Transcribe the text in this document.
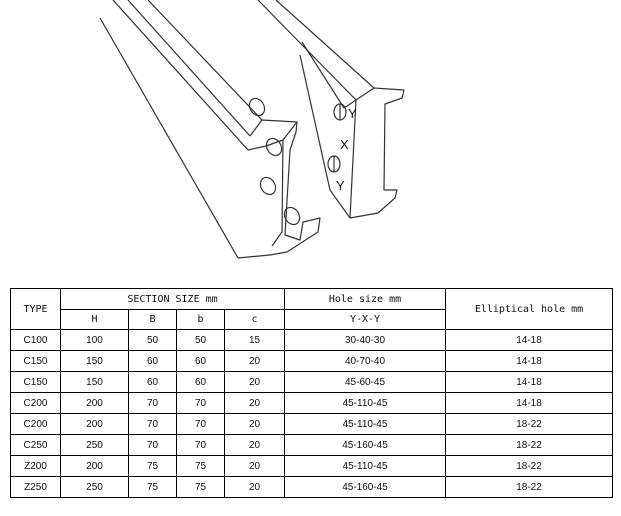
Y
X
Y
TYPE	SECTION SIZE mm				Hole size mm	Elliptical hole mm
	H	B	b	c	Y-X-Y	
C100	100	50	50	15	30-40-30	14-18
C150	150	60	60	20	40-70-40	14-18
C150	150	60	60	20	45-60-45	14-18
C200	200	70	70	20	45-110-45	14-18
C200	200	70	70	20	45-110-45	18-22
C250	250	70	70	20	45-160-45	18-22
Z200	200	75	75	20	45-110-45	18-22
Z250	250	75	75	20	45-160-45	18-22
